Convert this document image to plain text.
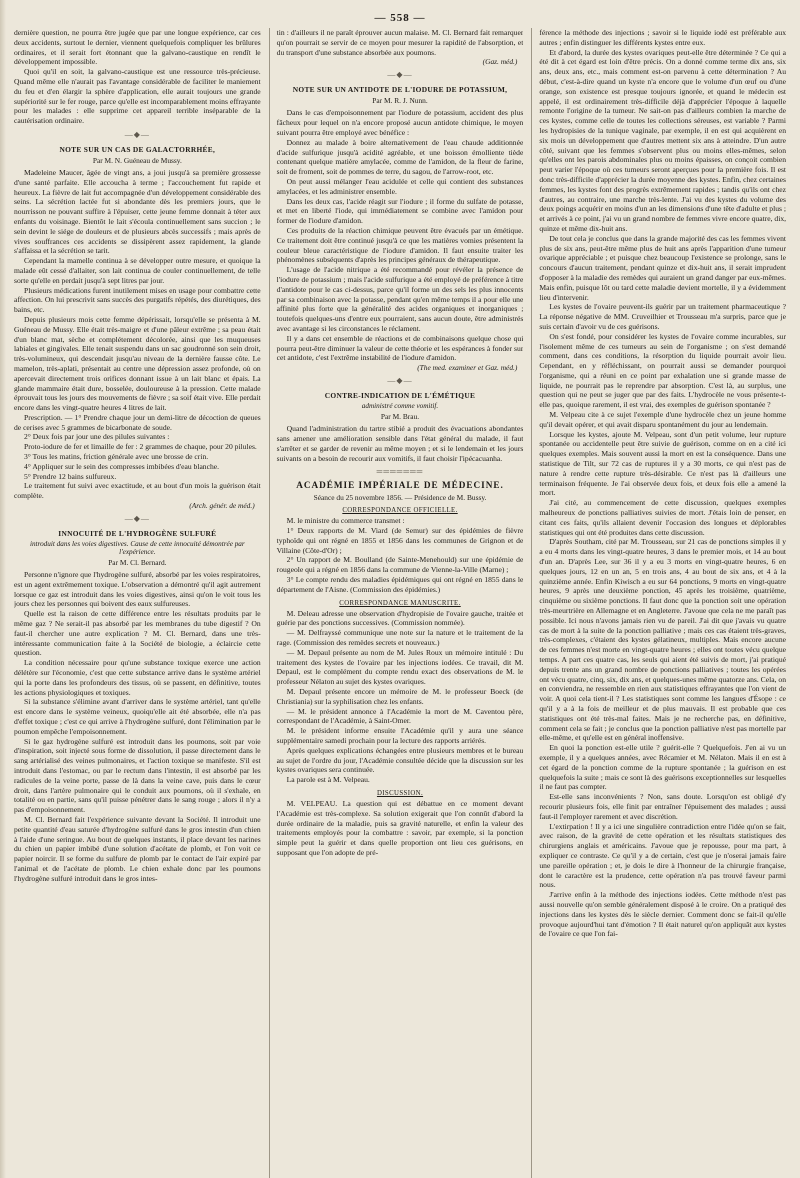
— 558 —

dernière question, ne pourra être jugée que par une longue expérience, car ces deux accidents, surtout le dernier, viennent quelquefois compliquer les brûlures ordinaires, et il serait fort étonnant que la galvano-caustique en rendît le développement impossible.

Quoi qu'il en soit, la galvano-caustique est une ressource très-précieuse. Quand même elle n'aurait pas l'avantage considérable de faciliter le maniement du feu et d'en élargir la sphère d'application, elle aurait toujours une grande supériorité sur le fer rouge, parce qu'elle est incomparablement moins effrayante pour les malades : elle supprime cet appareil terrible inséparable de la cautérisation ordinaire.

—◆—
NOTE SUR UN CAS DE GALACTORRHÉE,
Par M. N. Guéneau de Mussy.

Madeleine Maucer, âgée de vingt ans, a joui jusqu'à sa première grossesse d'une santé parfaite. Elle accoucha à terme ; l'accouchement fut rapide et heureux. La fièvre de lait fut accompagnée d'un développement considérable des seins. La sécrétion lactée fut si abondante dès les premiers jours, que le nourrisson ne pouvant suffire à l'épuiser, cette jeune femme donnait à téter aux enfants du voisinage. Bientôt le lait s'écoula continuellement sans succion ; le sein devint le siége de douleurs et de plusieurs abcès successifs ; mais après de vives souffrances ces accidents se dissipèrent assez rapidement, la glande s'affaissa et la sécrétion se tarit.

Cependant la mamelle continua à se développer outre mesure, et quoique la malade eût cessé d'allaiter, son lait continua de couler continuellement, de telle sorte qu'elle en perdait jusqu'à sept litres par jour.

Plusieurs médications furent inutilement mises en usage pour combattre cette affection. On lui prescrivit sans succès des purgatifs répétés, des diurétiques, des bains, etc.

Depuis plusieurs mois cette femme dépérissait, lorsqu'elle se présenta à M. Guéneau de Mussy. Elle était très-maigre et d'une pâleur extrême ; sa peau était d'un blanc mat, sèche et complétement décolorée, ainsi que les muqueuses labiales et gingivales. Elle tenait suspendu dans un sac goudronné son sein droit, très-volumineux, qui descendait jusqu'au niveau de la dernière fausse côte. Le mamelon, très-aplati, présentait au centre une dépression assez profonde, où on apercevait directement trois orifices donnant issue à un lait blanc et épais. La glande mammaire était dure, bosselée, douloureuse à la pression. Cette malade éprouvait tous les jours des mouvements de fièvre ; sa soif était vive. Elle perdait encore dans les vingt-quatre heures 4 litres de lait.

Prescription. — 1° Prendre chaque jour un demi-litre de décoction de queues de cerises avec 5 grammes de bicarbonate de soude.

2° Deux fois par jour une des pilules suivantes :

Proto-iodure de fer et limaille de fer : 2 grammes de chaque, pour 20 pilules.

3° Tous les matins, friction générale avec une brosse de crin.

4° Appliquer sur le sein des compresses imbibées d'eau blanche.

5° Prendre 12 bains sulfureux.

Le traitement fut suivi avec exactitude, et au bout d'un mois la guérison était complète.

(Arch. génér. de méd.)
—◆—
INNOCUITÉ DE L'HYDROGÈNE SULFURÉ
introduit dans les voies digestives. Cause de cette innocuité démontrée par l'expérience.
Par M. Cl. Bernard.

Personne n'ignore que l'hydrogène sulfuré, absorbé par les voies respiratoires, est un agent extrêmement toxique. L'observation a démontré qu'il agit autrement lorsque ce gaz est introduit dans les voies digestives, ainsi qu'on le voit tous les jours chez les personnes qui boivent des eaux sulfureuses.

Quelle est la raison de cette différence entre les résultats produits par le même gaz ? Ne serait-il pas absorbé par les membranes du tube digestif ? On faut-il chercher une autre explication ? M. Cl. Bernard, dans une très-intéressante communication faite à la Société de biologie, a éclaircie cette question.

La condition nécessaire pour qu'une substance toxique exerce une action délétère sur l'économie, c'est que cette substance arrive dans le système artériel qui la porte dans les profondeurs des tissus, où se passent, en définitive, toutes les actions physiologiques et toxiques.

Si la substance s'élimine avant d'arriver dans le système artériel, tant qu'elle est encore dans le système veineux, quoiqu'elle ait été absorbée, elle n'a pas d'effet toxique ; c'est ce qui arrive à l'hydrogène sulfuré, dont l'élimination par le poumon empêche l'empoisonnement.

Si le gaz hydrogène sulfuré est introduit dans les poumons, soit par voie d'inspiration, soit injecté sous forme de dissolution, il passe directement dans le sang artérialisé des veines pulmonaires, et l'action toxique se manifeste. S'il est introduit dans l'estomac, ou par le rectum dans l'intestin, il est absorbé par les radicules de la veine porte, passe de là dans la veine cave, puis dans le cœur droit, dans l'artère pulmonaire qui le conduit aux poumons, où il s'exhale, en totalité ou en partie, sans qu'il puisse pénétrer dans le sang rouge ; alors il n'y a pas d'empoisonnement.

M. Cl. Bernard fait l'expérience suivante devant la Société. Il introduit une petite quantité d'eau saturée d'hydrogène sulfuré dans le gros intestin d'un chien à l'aide d'une seringue. Au bout de quelques instants, il place devant les narines du chien un papier imbibé d'une solution d'acétate de plomb, et l'on voit ce papier noircir. Il se forme du sulfure de plomb par le contact de l'air expiré par l'animal et de l'acétate de plomb. Le chien exhale donc par les poumons l'hydrogène sulfuré introduit dans le gros intes-

tin : d'ailleurs il ne paraît éprouver aucun malaise. M. Cl. Bernard fait remarquer qu'on pourrait se servir de ce moyen pour mesurer la rapidité de l'absorption, et du transport d'une substance absorbée aux poumons.

(Gaz. méd.)
—◆—
NOTE SUR UN ANTIDOTE DE L'IODURE DE POTASSIUM,
Par M. R. J. Nunn.

Dans le cas d'empoisonnement par l'iodure de potassium, accident des plus fâcheux pour lequel on n'a encore proposé aucun antidote chimique, le moyen suivant pourra être employé avec bénéfice :

Donnez au malade à boire alternativement de l'eau chaude additionnée d'acide sulfurique jusqu'à acidité agréable, et une boisson émolliente tiède contenant quelque matière amylacée, comme de l'amidon, de la fleur de farine, soit de froment, soit de pommes de terre, du sagou, de l'arrow-root, etc.

On peut aussi mélanger l'eau acidulée et celle qui contient des substances amylacées, et les administrer ensemble.

Dans les deux cas, l'acide réagit sur l'iodure ; il forme du sulfate de potasse, et met en liberté l'iode, qui immédiatement se combine avec l'amidon pour former de l'iodure d'amidon.

Ces produits de la réaction chimique peuvent être évacués par un émétique. Ce traitement doit être continué jusqu'à ce que les matières vomies présentent la couleur bleue caractéristique de l'iodure d'amidon. Il faut ensuite traiter les phénomènes subséquents d'après les principes généraux de thérapeutique.

L'usage de l'acide nitrique a été recommandé pour révéler la présence de l'iodure de potassium ; mais l'acide sulfurique a été employé de préférence à titre d'antidote pour le cas ci-dessus, parce qu'il forme un des sels les plus innocents par sa combinaison avec la potasse, pendant qu'en même temps il a pour elle une affinité plus forte que la généralité des acides organiques et inorganiques ; toutefois quelques-uns d'entre eux pourraient, sans aucun doute, être administrés avec avantage si les circonstances le réclament.

Il y a dans cet ensemble de réactions et de combinaisons quelque chose qui pourra peut-être diminuer la valeur de cette théorie et les espérances à fonder sur cet antidote, c'est l'extrême instabilité de l'iodure d'amidon.

(The med. examiner et Gaz. méd.)
—◆—
CONTRE-INDICATION DE L'ÉMÉTIQUE
administré comme vomitif.
Par M. Brau.

Quand l'administration du tartre stibié a produit des évacuations abondantes sans amener une amélioration sensible dans l'état général du malade, il faut s'arrêter et se garder de revenir au même moyen ; et si le lendemain et les jours suivants on a besoin de recourir aux vomitifs, il faut choisir l'ipécacuanha.

═══════
ACADÉMIE IMPÉRIALE DE MÉDECINE.
Séance du 25 novembre 1856. — Présidence de M. Bussy.
CORRESPONDANCE OFFICIELLE.

M. le ministre du commerce transmet :

1° Deux rapports de M. Viard (de Semur) sur des épidémies de fièvre typhoïde qui ont régné en 1855 et 1856 dans les communes de Grignon et de Villaine (Côte-d'Or) ;

2° Un rapport de M. Boulland (de Sainte-Menehould) sur une épidémie de rougeole qui a régné en 1856 dans la commune de Vienne-la-Ville (Marne) ;

3° Le compte rendu des maladies épidémiques qui ont régné en 1855 dans le département de l'Aisne. (Commission des épidémies.)

CORRESPONDANCE MANUSCRITE.

M. Deleau adresse une observation d'hydropisie de l'ovaire gauche, traitée et guérie par des ponctions successives. (Commission nommée).

— M. Delfrayssé communique une note sur la nature et le traitement de la rage. (Commission des remèdes secrets et nouveaux.)

— M. Depaul présente au nom de M. Jules Roux un mémoire intitulé : Du traitement des kystes de l'ovaire par les injections iodées. Ce travail, dit M. Depaul, est le complément du compte rendu exact des observations de M. le professeur Nélaton au sujet des kystes ovariques.

M. Depaul présente encore un mémoire de M. le professeur Boeck (de Christiania) sur la syphilisation chez les enfants.

— M. le président annonce à l'Académie la mort de M. Caventou père, correspondant de l'Académie, à Saint-Omer.

M. le président informe ensuite l'Académie qu'il y aura une séance supplémentaire samedi prochain pour la lecture des rapports arriérés.

Après quelques explications échangées entre plusieurs membres et le bureau au sujet de l'ordre du jour, l'Académie consultée décide que la discussion sur les kystes ovariques sera continuée.

La parole est à M. Velpeau.

DISCUSSION.

M. VELPEAU. La question qui est débattue en ce moment devant l'Académie est très-complexe. Sa solution exigerait que l'on connût d'abord la durée ordinaire de la maladie, puis sa gravité naturelle, et enfin la valeur des traitements employés pour la combattre : savoir, par exemple, si la ponction simple peut la guérir et dans quelle proportion ont lieu ces guérisons, en supposant que l'on adopte de pré-

férence la méthode des injections ; savoir si le liquide iodé est préférable aux autres ; enfin distinguer les différents kystes entre eux.

Et d'abord, la durée des kystes ovariques peut-elle être déterminée ? Ce qui a été dit à cet égard est loin d'être précis. On a donné comme terme dix ans, six ans, deux ans, etc., mais comment est-on parvenu à cette détermination ? Au début, c'est-à-dire quand un kyste n'a encore que le volume d'un œuf ou d'une orange, son existence est presque toujours ignorée, et quand le médecin est appelé, il est ordinairement très-difficile déjà d'apprécier l'époque à laquelle remonte l'origine de la tumeur. Ne sait-on pas d'ailleurs combien la marche de ces kystes, comme celle de toutes les collections séreuses, est variable ? Parmi les hydropisies de la tunique vaginale, par exemple, il en est qui acquièrent en six mois un développement que d'autres mettent six ans à atteindre. D'un autre côté, suivant que les femmes s'observent plus ou moins elles-mêmes, selon qu'elles ont les parois abdominales plus ou moins épaisses, on conçoit combien peut varier l'époque où ces tumeurs seront aperçues pour la première fois. Il est donc très-difficile d'apprécier la durée moyenne des kystes. Enfin, chez certaines femmes, les kystes font des progrès extrêmement rapides ; tandis qu'ils ont chez d'autres, au contraire, une marche très-lente. J'ai vu des kystes du volume des deux poings acquérir en moins d'un an les dimensions d'une tête d'adulte et plus ; et arrivés à ce point, j'ai vu un grand nombre de femmes vivre encore quatre, dix, quinze et même dix-huit ans.

De tout cela je conclus que dans la grande majorité des cas les femmes vivent plus de six ans, peut-être même plus de huit ans après l'apparition d'une tumeur ovarique appréciable ; et puisque chez beaucoup l'existence se prolonge, sans le concours d'aucun traitement, pendant quinze et dix-huit ans, il serait imprudent d'opposer à la maladie des remèdes qui auraient un grand danger par eux-mêmes. Mais enfin, puisque lôt ou tard cette maladie devient mortelle, il y a évidemment lieu d'intervenir.

Les kystes de l'ovaire peuvent-ils guérir par un traitement pharmaceutique ? La réponse négative de MM. Cruveilhier et Trousseau m'a surpris, parce que je suis certain d'avoir vu de ces guérisons.

On s'est fondé, pour considérer les kystes de l'ovaire comme incurables, sur l'isolement même de ces tumeurs au sein de l'organisme ; on s'est demandé comment, dans ces conditions, la résorption du liquide pourrait avoir lieu. Cependant, en y réfléchissant, on pourrait aussi se demander pourquoi l'organisme, qui a réuni en ce point par exhalation une si grande masse de liquide, ne pourrait pas le reprendre par absorption. C'est là, au surplus, une question qui ne peut se juger que par des faits. L'hydrocèle ne vous présente-t-elle pas, quoique rarement, il est vrai, des exemples de guérison spontanée ?

M. Velpeau cite à ce sujet l'exemple d'une hydrocèle chez un jeune homme qu'il devait opérer, et qui avait disparu spontanément du jour au lendemain.

Lorsque les kystes, ajoute M. Velpeau, sont d'un petit volume, leur rupture spontanée ou accidentelle peut être suivie de guérison, comme on en a cité ici quelques exemples. Mais souvent aussi la mort en est la conséquence. Dans une statistique de Tilt, sur 72 cas de ruptures il y a 30 morts, ce qui n'est pas de nature à rendre cette rupture très-désirable. Ce n'est pas là d'ailleurs une terminaison fréquente. Je l'ai observée deux fois, et deux fois elle a amené la mort.

J'ai cité, au commencement de cette discussion, quelques exemples malheureux de ponctions palliatives suivies de mort. J'étais loin de penser, en citant ces faits, qu'ils allaient devenir l'occasion des longues et déplorables statistiques qui ont été produites dans cette discussion.

D'après Southam, cité par M. Trousseau, sur 21 cas de ponctions simples il y a eu 4 morts dans les vingt-quatre heures, 3 dans le premier mois, et 14 au bout d'un an. D'après Lee, sur 36 il y a eu 3 morts en vingt-quatre heures, 6 en quelques jours, 12 en un an, 5 en trois ans, 4 au bout de six ans, et 4 à la quinzième année. Enfin Kiwisch a eu sur 64 ponctions, 9 morts en vingt-quatre heures, 9 après une deuxième ponction, 45 après les troisième, quatrième, cinquième ou sixième ponctions. Il faut donc que la ponction soit une opération très-meurtrière en Allemagne et en Angleterre. J'avoue que cela ne me paraît pas possible. Ici nous n'avons jamais rien vu de pareil. J'ai dit que j'avais vu quatre cas de mort à la suite de la ponction palliative ; mais ces cas étaient très-graves, très-complexes, c'étaient des kystes gélatineux, multiples. Mais encore aucune de ces femmes n'est morte en vingt-quatre heures ; elles ont toutes vécu quelque temps. A part ces quatre cas, les seuls qui aient été suivis de mort, j'ai pratiqué depuis trente ans un grand nombre de ponctions palliatives ; toutes les opérées ont vécu quatre, cinq, six, dix ans, et quelques-unes même quatorze ans. Cela, on en conviendra, ne ressemble en rien aux statistiques effrayantes que l'on vient de voir. A quoi cela tient-il ? Les statistiques sont comme les langues d'Ésope : ce qu'il y a à la fois de meilleur et de plus mauvais. Il est probable que ces statistiques ont été très-mal faites. Mais je ne recherche pas, en définitive, comment cela se fait ; je conclus que la ponction palliative n'est pas mortelle par elle-même, et qu'elle est en général inoffensive.

En quoi la ponction est-elle utile ? guérit-elle ? Quelquefois. J'en ai vu un exemple, il y a quelques années, avec Récamier et M. Nélaton. Mais il en est à cet égard de la ponction comme de la rupture spontanée ; la guérison en est quelquefois la suite ; mais ce sont là des guérisons exceptionnelles sur lesquelles il ne faut pas compter.

Est-elle sans inconvénients ? Non, sans doute. Lorsqu'on est obligé d'y recourir plusieurs fois, elle finit par entraîner l'épuisement des malades ; aussi faut-il l'employer rarement et avec discrétion.

L'extirpation ! Il y a ici une singulière contradiction entre l'idée qu'on se fait, avec raison, de la gravité de cette opération et les résultats statistiques des chirurgiens anglais et américains. J'avoue que je repousse, pour ma part, à expliquer ce contraste. Ce qu'il y a de certain, c'est que je n'oserai jamais faire une pareille opération ; et, je dois le dire à l'honneur de la chirurgie française, dont le caractère est la prudence, cette opération n'a pas trouvé faveur parmi nous.

J'arrive enfin à la méthode des injections iodées. Cette méthode n'est pas aussi nouvelle qu'on semble généralement disposé à le croire. On a pratiqué des injections dans les kystes dès le siècle dernier. Comment donc se fait-il qu'elle provoque aujourd'hui tant d'émotion ? Il était naturel qu'on appliquât aux kystes de l'ovaire ce que l'on fai-
